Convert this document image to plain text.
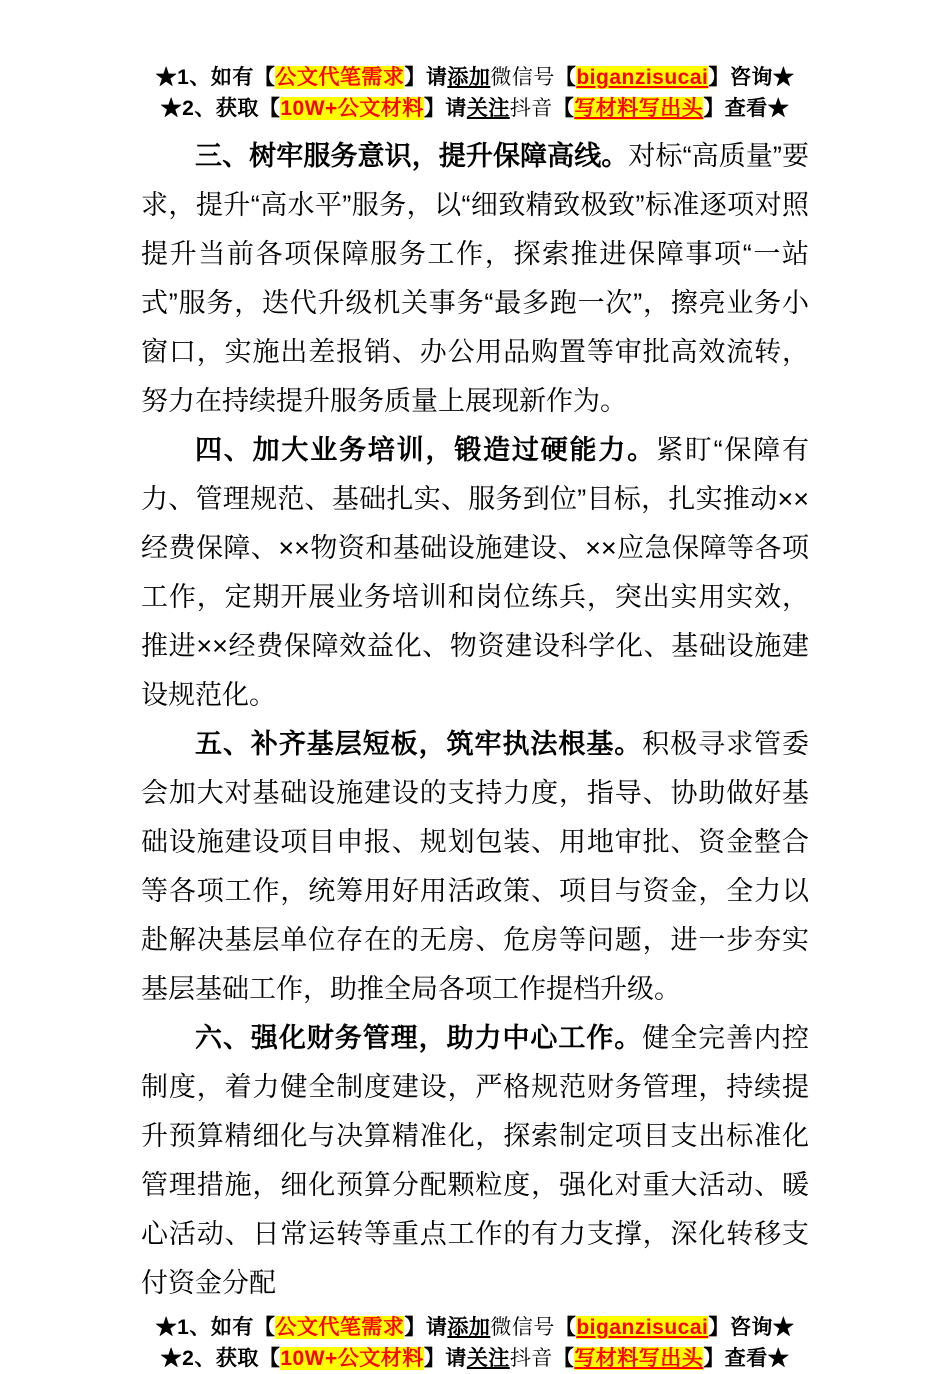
★1、如有【公文代笔需求】请添加微信号【biganzisucai】咨询★
★2、获取【10W+公文材料】请关注抖音【写材料写出头】查看★

三、树牢服务意识，提升保障高线。对标“高质量”要求，提升“高水平”服务，以“细致精致极致”标准逐项对照提升当前各项保障服务工作，探索推进保障事项“一站式”服务，迭代升级机关事务“最多跑一次”，擦亮业务小窗口，实施出差报销、办公用品购置等审批高效流转，努力在持续提升服务质量上展现新作为。

四、加大业务培训，锻造过硬能力。紧盯“保障有力、管理规范、基础扎实、服务到位”目标，扎实推动××经费保障、××物资和基础设施建设、××应急保障等各项工作，定期开展业务培训和岗位练兵，突出实用实效，推进××经费保障效益化、物资建设科学化、基础设施建设规范化。

五、补齐基层短板，筑牢执法根基。积极寻求管委会加大对基础设施建设的支持力度，指导、协助做好基础设施建设项目申报、规划包装、用地审批、资金整合等各项工作，统筹用好用活政策、项目与资金，全力以赴解决基层单位存在的无房、危房等问题，进一步夯实基层基础工作，助推全局各项工作提档升级。

六、强化财务管理，助力中心工作。健全完善内控制度，着力健全制度建设，严格规范财务管理，持续提升预算精细化与决算精准化，探索制定项目支出标准化管理措施，细化预算分配颗粒度，强化对重大活动、暖心活动、日常运转等重点工作的有力支撑，深化转移支付资金分配

★1、如有【公文代笔需求】请添加微信号【biganzisucai】咨询★
★2、获取【10W+公文材料】请关注抖音【写材料写出头】查看★
